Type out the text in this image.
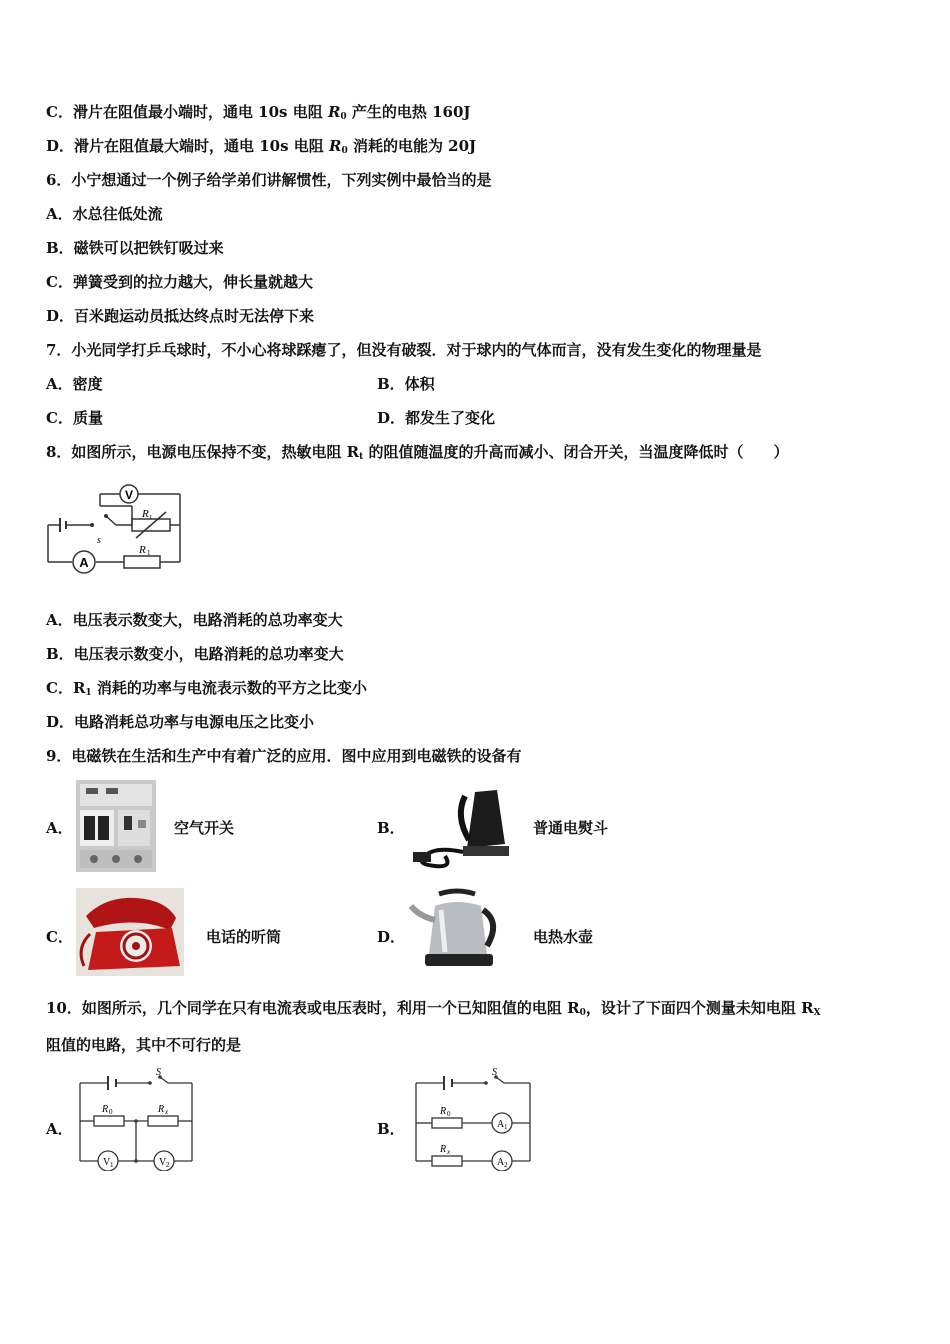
C．滑片在阻值最小端时，通电 10s 电阻 $R_0$ 产生的电热 160J
D．滑片在阻值最大端时，通电 10s 电阻 $R_0$ 消耗的电能为 20J
6．小宁想通过一个例子给学弟们讲解惯性，下列实例中最恰当的是
A．水总往低处流
B．磁铁可以把铁钉吸过来
C．弹簧受到的拉力越大，伸长量就越大
D．百米跑运动员抵达终点时无法停下来
7．小光同学打乒乓球时，不小心将球踩瘪了，但没有破裂．对于球内的气体而言，没有发生变化的物理量是
A．密度	B．体积
C．质量	D．都发生了变化
8．如图所示，电源电压保持不变，热敏电阻 $R_t$ 的阻值随温度的升高而减小、闭合开关，当温度降低时（　　）
V
A
s
R t
R 1
A．电压表示数变大，电路消耗的总功率变大
B．电压表示数变小，电路消耗的总功率变大
C．$R_1$ 消耗的功率与电流表示数的平方之比变小
D．电路消耗总功率与电源电压之比变小
9．电磁铁在生活和生产中有着广泛的应用．图中应用到电磁铁的设备有
A．	空气开关	B．	普通电熨斗
C．	电话的听筒	D．	电热水壶
10．如图所示，几个同学在只有电流表或电压表时，利用一个已知阻值的电阻 $R_0$，设计了下面四个测量未知电阻 $R_X$
阻值的电路，其中不可行的是
A．
S
R 0	R x
V 1	V 2
B．
S
R 0
R x
A 1
A 2
